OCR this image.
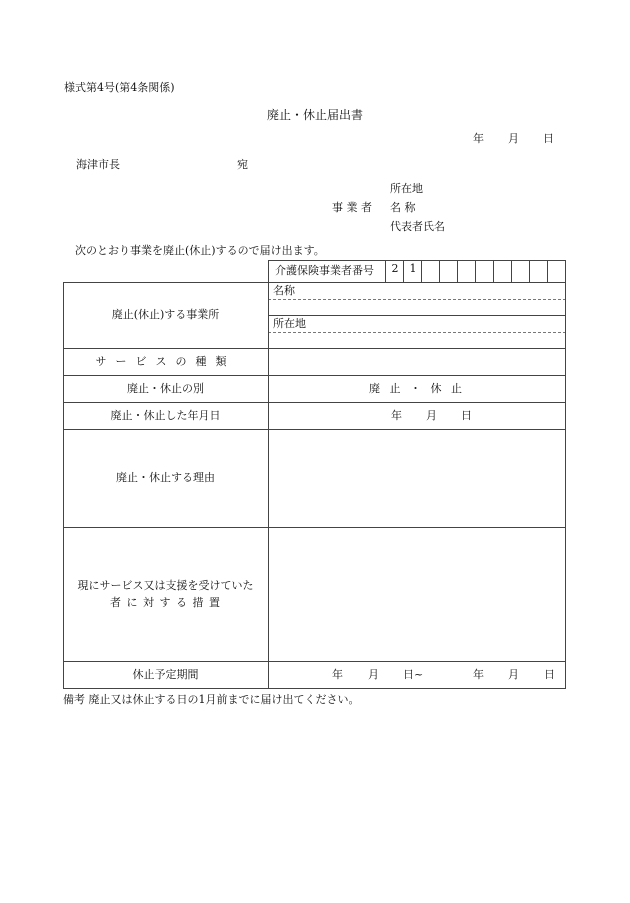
様式第4号(第4条関係)
廃止・休止届出書
年 月 日
海津市長	宛
所在地
事 業 者 名 称
代表者氏名
次のとおり事業を廃止(休止)するので届け出ます。
介護保険事業者番号	2	1
廃止(休止)する事業所
名称
所在地
サービスの種類
廃止・休止の別	廃 止 ・ 休 止
廃止・休止した年月日	年 月 日
廃止・休止する理由
現にサービス又は支援を受けていた
者 に 対 す る 措 置
休止予定期間	年 月 日~	年 月 日
備考 廃止又は休止する日の1月前までに届け出てください。
